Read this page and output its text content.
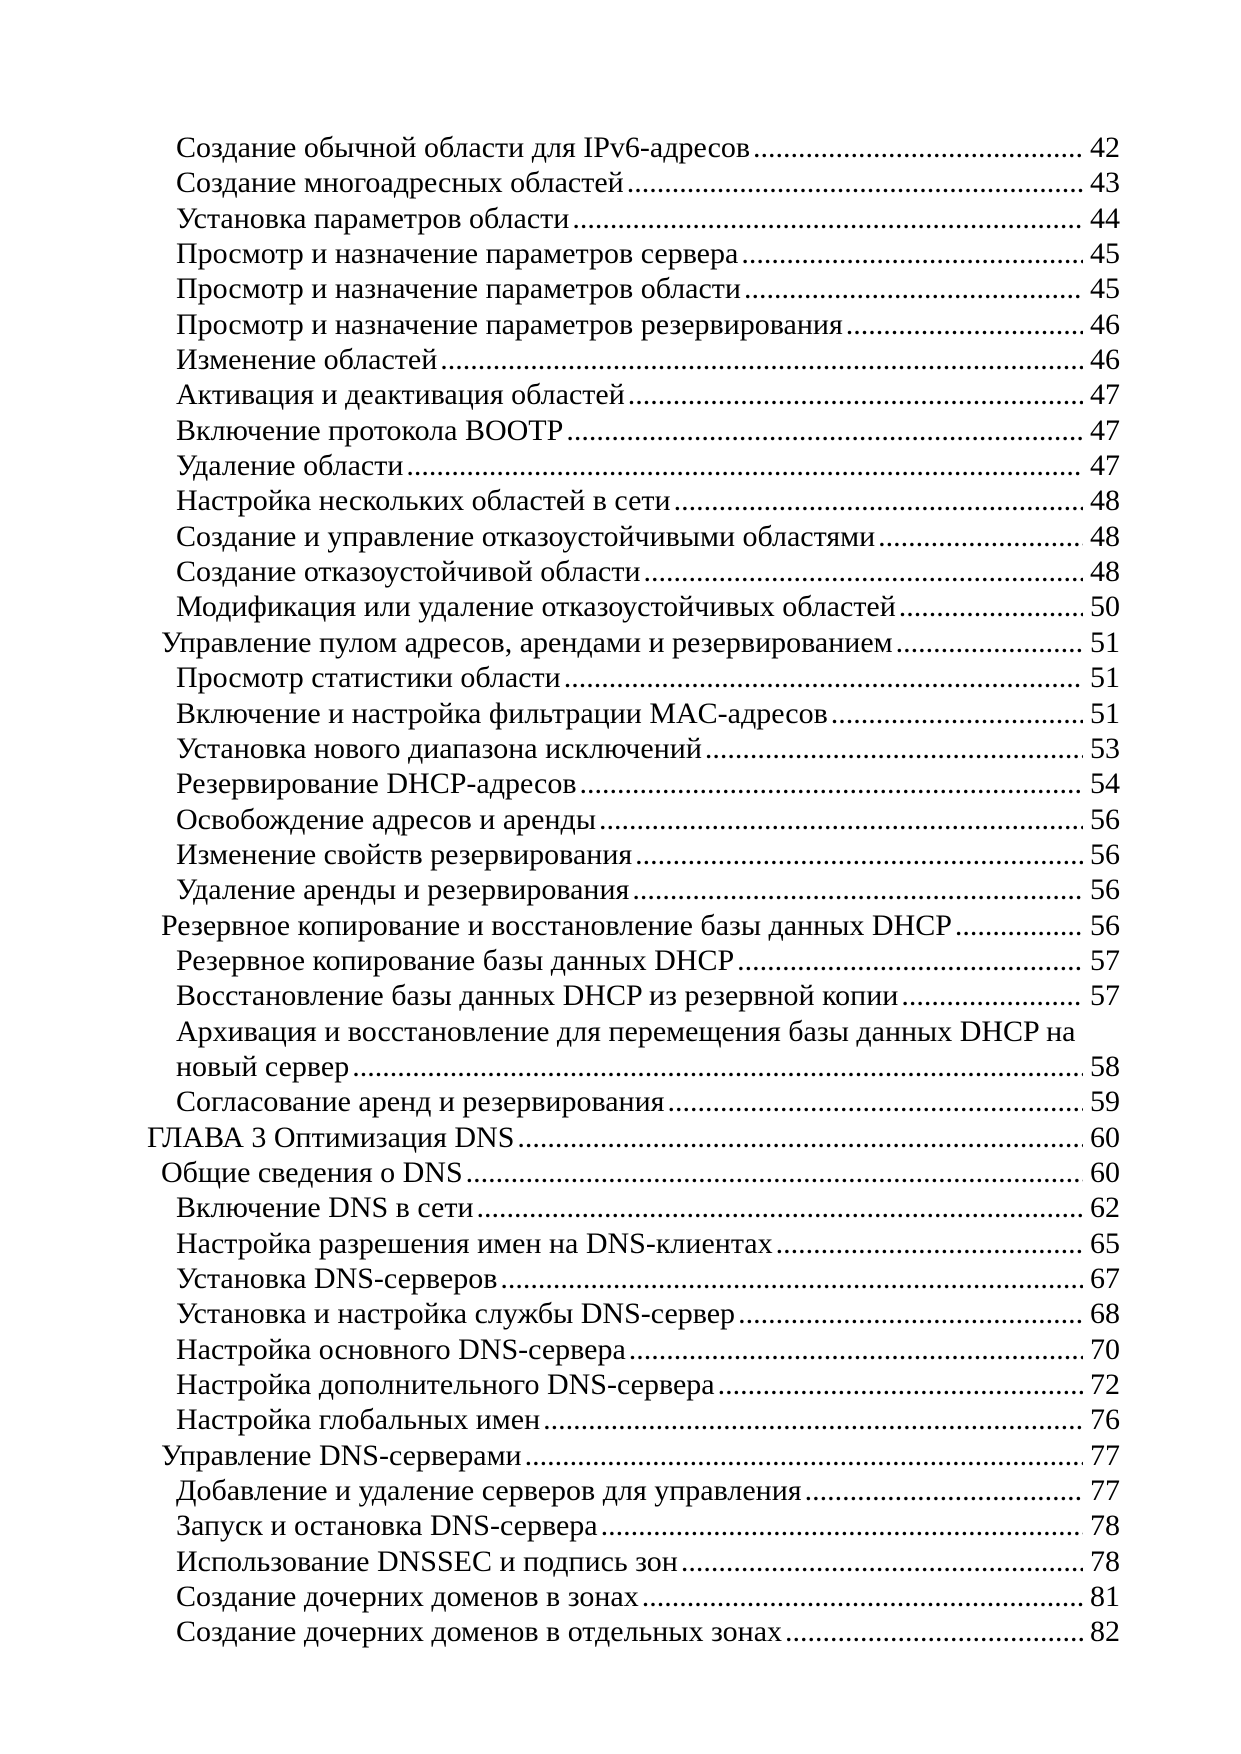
Создание обычной области для IPv6-адресов .....	42
Создание многоадресных областей .....	43
Установка параметров области .....	44
Просмотр и назначение параметров сервера .....	45
Просмотр и назначение параметров области .....	45
Просмотр и назначение параметров резервирования .....	46
Изменение областей .....	46
Активация и деактивация областей .....	47
Включение протокола BOOTP .....	47
Удаление области .....	47
Настройка нескольких областей в сети .....	48
Создание и управление отказоустойчивыми областями .....	48
Создание отказоустойчивой области .....	48
Модификация или удаление отказоустойчивых областей .....	50
Управление пулом адресов, арендами и резервированием .....	51
Просмотр статистики области .....	51
Включение и настройка фильтрации MAC-адресов .....	51
Установка нового диапазона исключений .....	53
Резервирование DHCP-адресов .....	54
Освобождение адресов и аренды .....	56
Изменение свойств резервирования .....	56
Удаление аренды и резервирования .....	56
Резервное копирование и восстановление базы данных DHCP .....	56
Резервное копирование базы данных DHCP .....	57
Восстановление базы данных DHCP из резервной копии .....	57
Архивация и восстановление для перемещения базы данных DHCP на
новый сервер .....	58
Согласование аренд и резервирования .....	59
ГЛАВА 3 Оптимизация DNS .....	60
Общие сведения о DNS .....	60
Включение DNS в сети .....	62
Настройка разрешения имен на DNS-клиентах .....	65
Установка DNS-серверов .....	67
Установка и настройка службы DNS-сервер .....	68
Настройка основного DNS-сервера .....	70
Настройка дополнительного DNS-сервера .....	72
Настройка глобальных имен .....	76
Управление DNS-серверами .....	77
Добавление и удаление серверов для управления .....	77
Запуск и остановка DNS-сервера .....	78
Использование DNSSEC и подпись зон .....	78
Создание дочерних доменов в зонах .....	81
Создание дочерних доменов в отдельных зонах .....	82
